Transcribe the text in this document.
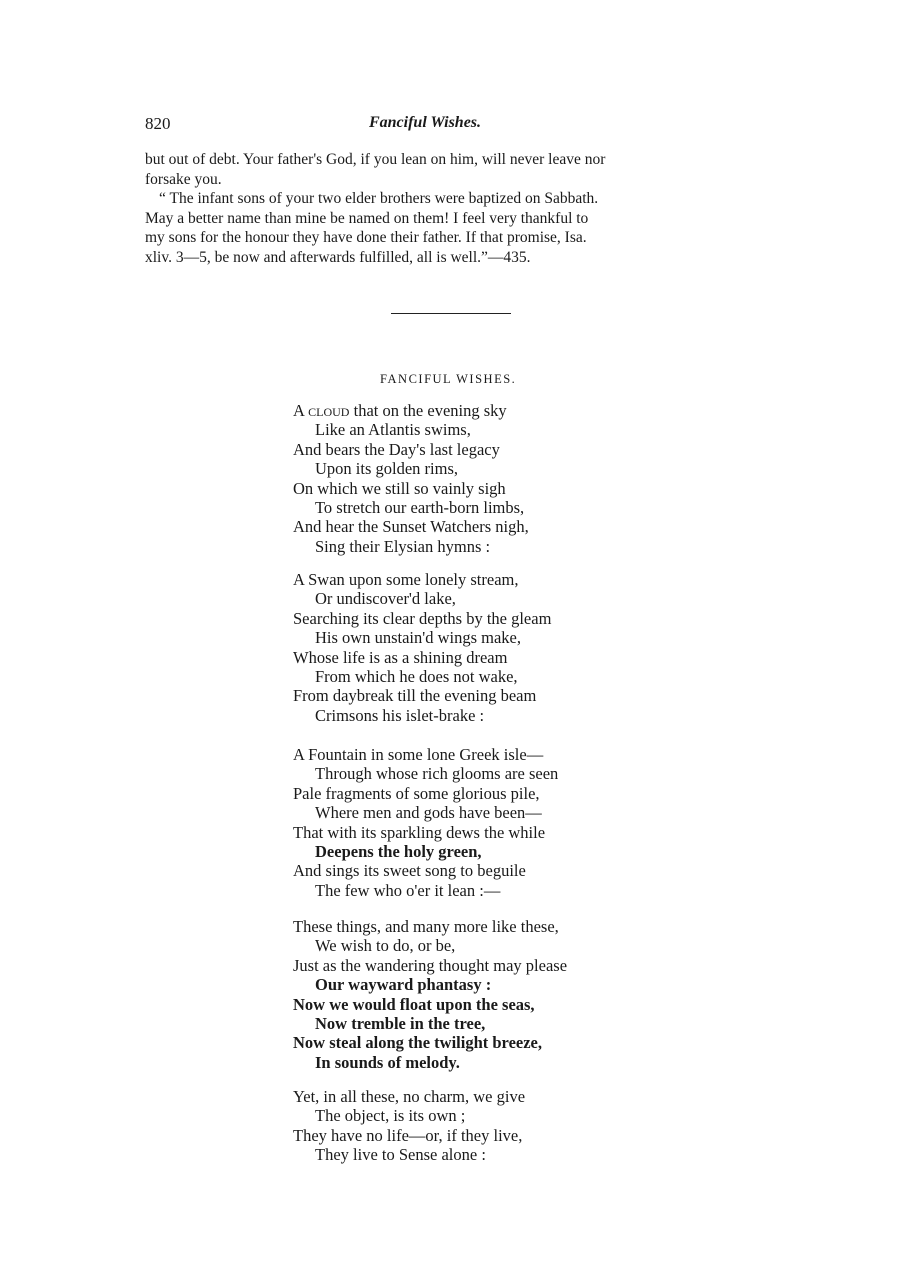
820	Fanciful Wishes.

but out of debt. Your father's God, if you lean on him, will never leave nor

forsake you.

“ The infant sons of your two elder brothers were baptized on Sabbath.

May a better name than mine be named on them! I feel very thankful to

my sons for the honour they have done their father. If that promise, Isa.

xliv. 3—5, be now and afterwards fulfilled, all is well.”—435.

FANCIFUL WISHES.
A cloud that on the evening sky
Like an Atlantis swims,
And bears the Day's last legacy
Upon its golden rims,
On which we still so vainly sigh
To stretch our earth-born limbs,
And hear the Sunset Watchers nigh,
Sing their Elysian hymns :
A Swan upon some lonely stream,
Or undiscover'd lake,
Searching its clear depths by the gleam
His own unstain'd wings make,
Whose life is as a shining dream
From which he does not wake,
From daybreak till the evening beam
Crimsons his islet-brake :
A Fountain in some lone Greek isle—
Through whose rich glooms are seen
Pale fragments of some glorious pile,
Where men and gods have been—
That with its sparkling dews the while
Deepens the holy green,
And sings its sweet song to beguile
The few who o'er it lean :—
These things, and many more like these,
We wish to do, or be,
Just as the wandering thought may please
Our wayward phantasy :
Now we would float upon the seas,
Now tremble in the tree,
Now steal along the twilight breeze,
In sounds of melody.
Yet, in all these, no charm, we give
The object, is its own ;
They have no life—or, if they live,
They live to Sense alone :
